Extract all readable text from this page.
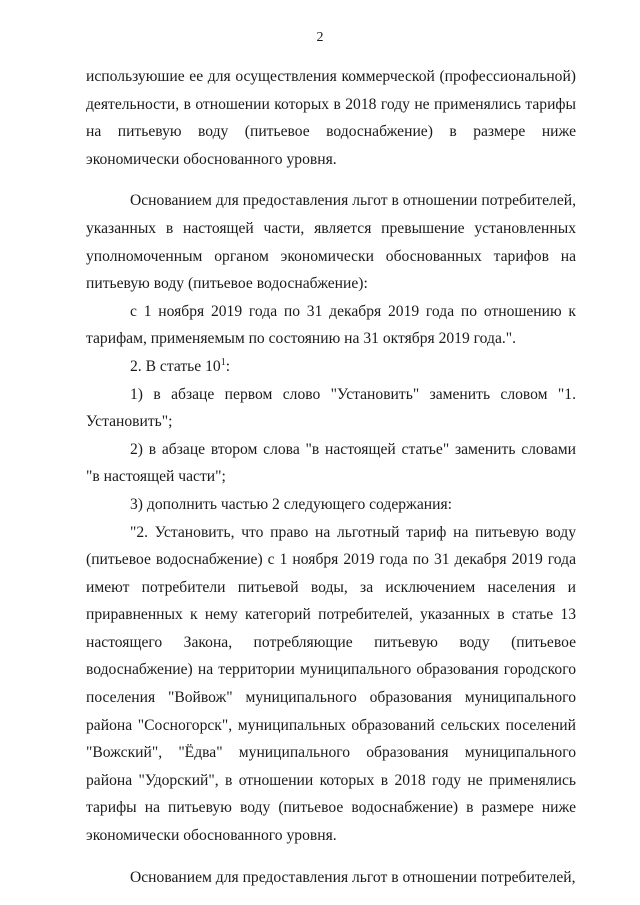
2

используюшие ее для осуществления коммерческой (профессиональной) деятельности, в отношении которых в 2018 году не применялись тарифы на питьевую воду (питьевое водоснабжение) в размере ниже экономически обоснованного уровня.

Основанием для предоставления льгот в отношении потребителей, указанных в настоящей части, является превышение установленных уполномоченным органом экономически обоснованных тарифов на питьевую воду (питьевое водоснабжение):

с 1 ноября 2019 года по 31 декабря 2019 года по отношению к тарифам, применяемым по состоянию на 31 октября 2019 года.".

2. В статье $10^1$:

1) в абзаце первом слово "Установить" заменить словом "1. Установить";

2) в абзаце втором слова "в настоящей статье" заменить словами "в настоящей части";

3) дополнить частью 2 следующего содержания:

"2. Установить, что право на льготный тариф на питьевую воду (питьевое водоснабжение) с 1 ноября 2019 года по 31 декабря 2019 года имеют потребители питьевой воды, за исключением населения и приравненных к нему категорий потребителей, указанных в статье 13 настоящего Закона, потребляющие питьевую воду (питьевое водоснабжение) на территории муниципального образования городского поселения "Войвож" муниципального образования муниципального района "Сосногорск", муниципальных образований сельских поселений "Вожский", "Ёдва" муниципального образования муниципального района "Удорский", в отношении которых в 2018 году не применялись тарифы на питьевую воду (питьевое водоснабжение) в размере ниже экономически обоснованного уровня.

Основанием для предоставления льгот в отношении потребителей,
